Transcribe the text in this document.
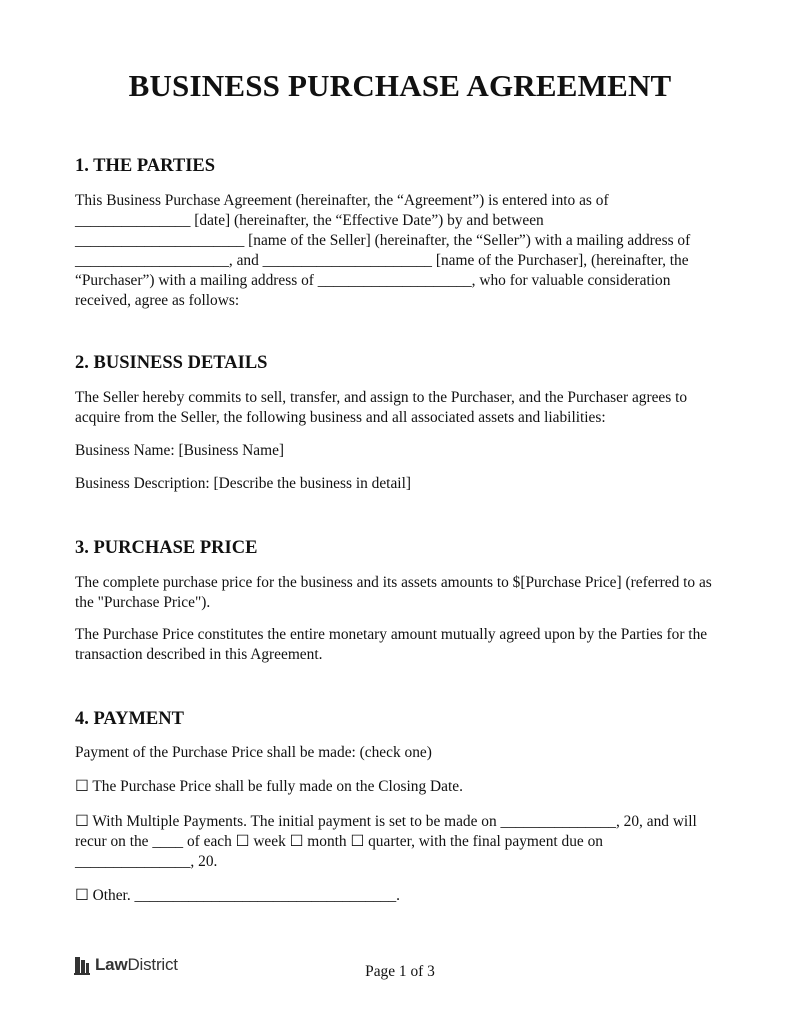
BUSINESS PURCHASE AGREEMENT
1. THE PARTIES
This Business Purchase Agreement (hereinafter, the “Agreement”) is entered into as of
_______________ [date] (hereinafter, the “Effective Date”) by and between
______________________ [name of the Seller] (hereinafter, the “Seller”) with a mailing address of
____________________, and ______________________ [name of the Purchaser], (hereinafter, the
“Purchaser”) with a mailing address of ____________________, who for valuable consideration
received, agree as follows:
2. BUSINESS DETAILS
The Seller hereby commits to sell, transfer, and assign to the Purchaser, and the Purchaser agrees to
acquire from the Seller, the following business and all associated assets and liabilities:
Business Name: [Business Name]
Business Description: [Describe the business in detail]
3. PURCHASE PRICE
The complete purchase price for the business and its assets amounts to $[Purchase Price] (referred to as
the "Purchase Price").
The Purchase Price constitutes the entire monetary amount mutually agreed upon by the Parties for the
transaction described in this Agreement.
4. PAYMENT
Payment of the Purchase Price shall be made: (check one)
☐ The Purchase Price shall be fully made on the Closing Date.
☐ With Multiple Payments. The initial payment is set to be made on _______________, 20, and will
recur on the ____ of each ☐ week ☐ month ☐ quarter, with the final payment due on
_______________, 20.
☐ Other. __________________________________.
LawDistrict	Page 1 of 3
